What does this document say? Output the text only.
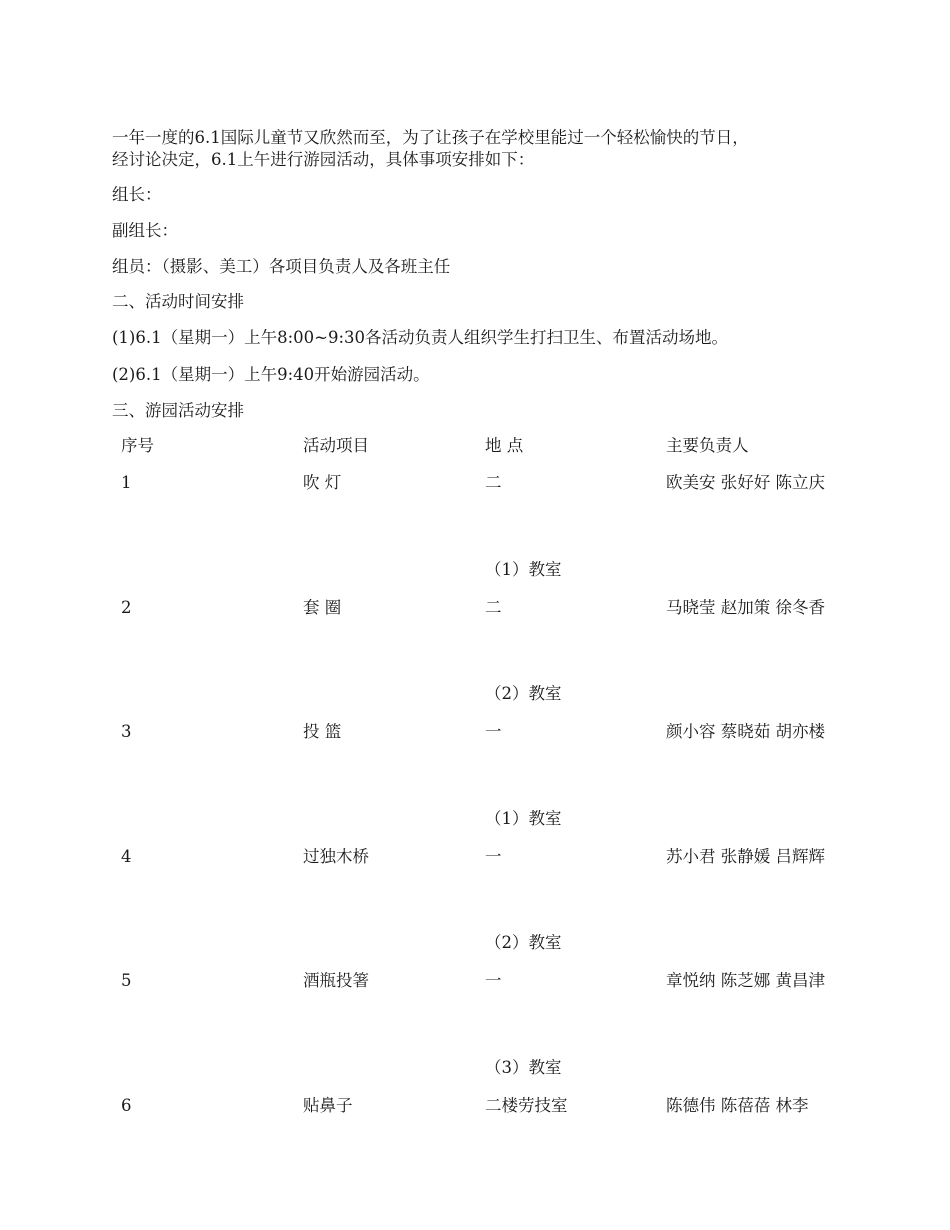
一年一度的6.1国际儿童节又欣然而至，为了让孩子在学校里能过一个轻松愉快的节日，
经讨论决定，6.1上午进行游园活动，具体事项安排如下：

组长：

副组长：

组员：（摄影、美工）各项目负责人及各班主任

二、活动时间安排

(1)6.1（星期一）上午8:00~9:30各活动负责人组织学生打扫卫生、布置活动场地。

(2)6.1（星期一）上午9:40开始游园活动。

三、游园活动安排

序号	活动项目	地 点	主要负责人
1	吹 灯	二	欧美安 张好好 陈立庆
（1）教室
2	套 圈	二	马晓莹 赵加策 徐冬香
（2）教室
3	投 篮	一	颜小容 蔡晓茹 胡亦楼
（1）教室
4	过独木桥	一	苏小君 张静媛 吕辉辉
（2）教室
5	酒瓶投箸	一	章悦纳 陈芝娜 黄昌津
（3）教室
6	贴鼻子	二楼劳技室	陈德伟 陈蓓蓓 林李
